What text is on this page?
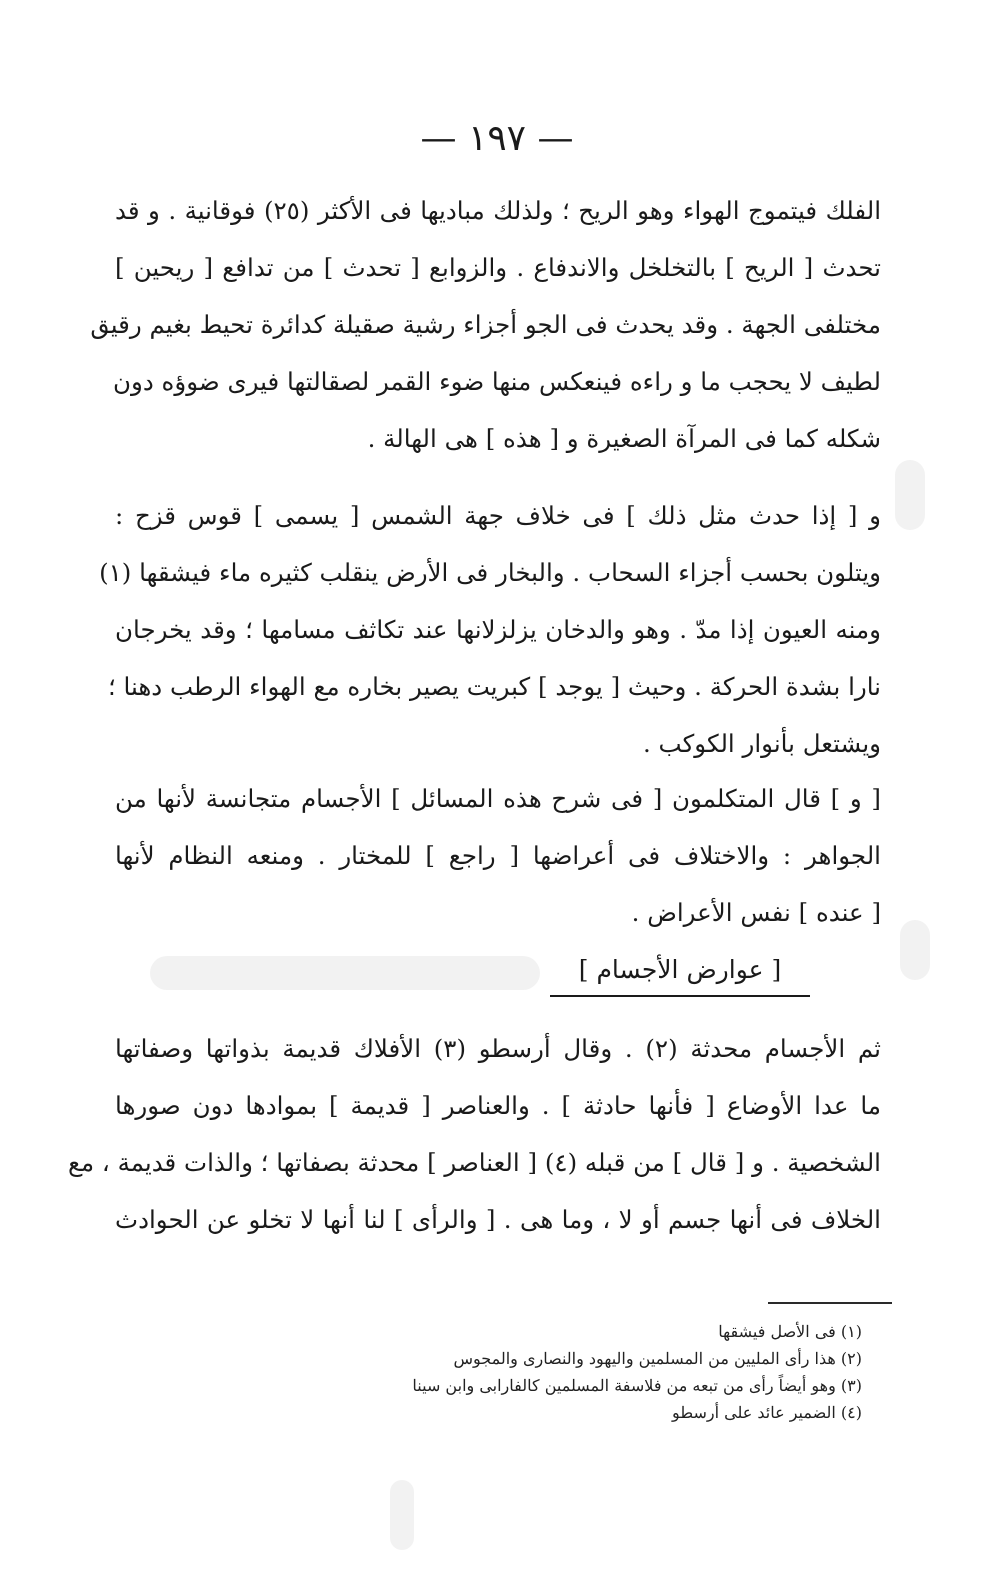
— ١٩٧ —
الفلك فيتموج الهواء وهو الريح ؛ ولذلك مباديها فى الأكثر (٢٥) فوقانية . و قد
تحدث [ الريح ] بالتخلخل والاندفاع . والزوابع [ تحدث ] من تدافع [ ريحين ]
مختلفى الجهة . وقد يحدث فى الجو أجزاء رشية صقيلة كدائرة تحيط بغيم رقيق
لطيف لا يحجب ما و راءه فينعكس منها ضوء القمر لصقالتها فيرى ضوؤه دون
شكله كما فى المرآة الصغيرة و [ هذه ] هى الهالة .
و [ إذا حدث مثل ذلك ] فى خلاف جهة الشمس [ يسمى ] قوس قزح :
ويتلون بحسب أجزاء السحاب . والبخار فى الأرض ينقلب كثيره ماء فيشقها (١)
ومنه العيون إذا مدّ . وهو والدخان يزلزلانها عند تكاثف مسامها ؛ وقد يخرجان
نارا بشدة الحركة . وحيث [ يوجد ] كبريت يصير بخاره مع الهواء الرطب دهنا ؛
ويشتعل بأنوار الكوكب .
[ و ] قال المتكلمون [ فى شرح هذه المسائل ] الأجسام متجانسة لأنها من
الجواهر : والاختلاف فى أعراضها [ راجع ] للمختار . ومنعه النظام لأنها
[ عنده ] نفس الأعراض .
[ عوارض الأجسام ]
ثم الأجسام محدثة (٢) . وقال أرسطو (٣) الأفلاك قديمة بذواتها وصفاتها
ما عدا الأوضاع [ فأنها حادثة ] . والعناصر [ قديمة ] بموادها دون صورها
الشخصية . و [ قال ] من قبله (٤) [ العناصر ] محدثة بصفاتها ؛ والذات قديمة ، مع
الخلاف فى أنها جسم أو لا ، وما هى . [ والرأى ] لنا أنها لا تخلو عن الحوادث
(١) فى الأصل فيشقها
(٢) هذا رأى المليين من المسلمين واليهود والنصارى والمجوس
(٣) وهو أيضاً رأى من تبعه من فلاسفة المسلمين كالفارابى وابن سينا
(٤) الضمير عائد على أرسطو
